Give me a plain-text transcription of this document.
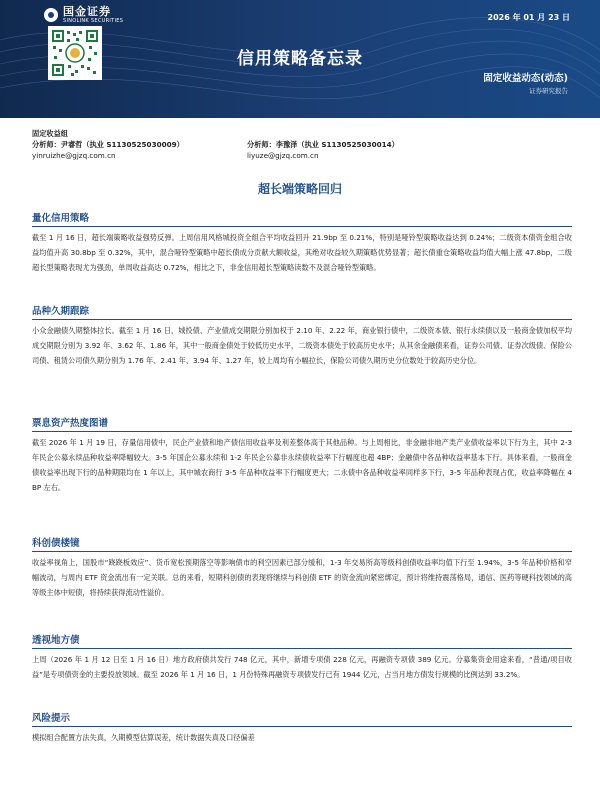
国金证券
SINOLINK SECURITIES	2026 年 01 月 23 日
信用策略备忘录
固定收益动态(动态)
证券研究报告
固定收益组
分析师：尹睿哲（执业 S1130525030009）	分析师：李豫泽（执业 S1130525030014）
yinruizhe@gjzq.com.cn	liyuze@gjzq.com.cn
超长端策略回归
量化信用策略
截至 1 月 16 日，超长端策略收益强势反弹。上周信用风格城投资全组合平均收益回升 21.9bp 至 0.21%，特别是哑铃型策略收益达到 0.24%；二级资本债资金组合收益均值升高 30.8bp 至 0.32%，其中，混合哑铃型策略中超长债成分贡献大额收益，其绝对收益较久期策略优势显著；超长债重仓策略收益均值大幅上涨 47.8bp，二级超长型策略表现尤为强劲，单周收益高达 0.72%，相比之下，非金信用超长型策略读数不及混合哑铃型策略。
品种久期跟踪
小众金融债久期整体拉长。截至 1 月 16 日，城投债、产业债成交期限分别加权于 2.10 年、2.22 年，商业银行债中，二级资本债、银行永续债以及一般商金债加权平均成交期限分别为 3.92 年、3.62 年、1.86 年，其中一般商金债处于较低历史水平，二级资本债处于较高历史水平；从其余金融债来看，证券公司债、证券次级债、保险公司债、租赁公司债久期分别为 1.76 年、2.41 年、3.94 年、1.27 年，较上周均有小幅拉长，保险公司债久期历史分位数处于较高历史分位。
票息资产热度图谱
截至 2026 年 1 月 19 日，存量信用债中，民企产业债和地产债信用收益率及利差整体高于其他品种。与上周相比，非金融非地产类产业债收益率以下行为主，其中 2-3 年民企公募永续品种收益率降幅较大。3-5 年国企公募永续和 1-2 年民企公募非永续债收益率下行幅度也超 4BP；金融债中各品种收益率基本下行。具体来看，一般商金债收益率出现下行的品种期限均在 1 年以上，其中城农商行 3-5 年品种收益率下行幅度更大；二永债中各品种收益率同样多下行，3-5 年品种表现占优，收益率降幅在 4BP 左右。
科创债楼镜
收益率视角上，国股市“跷跷板效应”、货币宽松预期落空等影响债市的利空因素已部分缓和，1-3 年交易所高等级科创债收益率均值下行至 1.94%，3-5 年品种价格和窄幅波动，与周内 ETF 资金流出有一定关联。总的来看，短期科创债的表现将继续与科创债 ETF 的资金流向紧密绑定，预计将维持震荡格局，通信、医药等硬科技领域的高等级主体中短债，将持续获得流动性溢价。
透视地方债
上周（2026 年 1 月 12 日至 1 月 16 日）地方政府债共发行 748 亿元，其中，新增专项债 228 亿元，再融资专项债 389 亿元。分募集资金用途来看，“普通/项目收益”是专项债资金的主要投放领域。截至 2026 年 1 月 16 日，1 月份特殊再融资专项债发行已有 1944 亿元，占当月地方债发行规模的比例达到 33.2%。
风险提示
模拟组合配置方法失真，久期模型估算误差，统计数据失真及口径偏差
